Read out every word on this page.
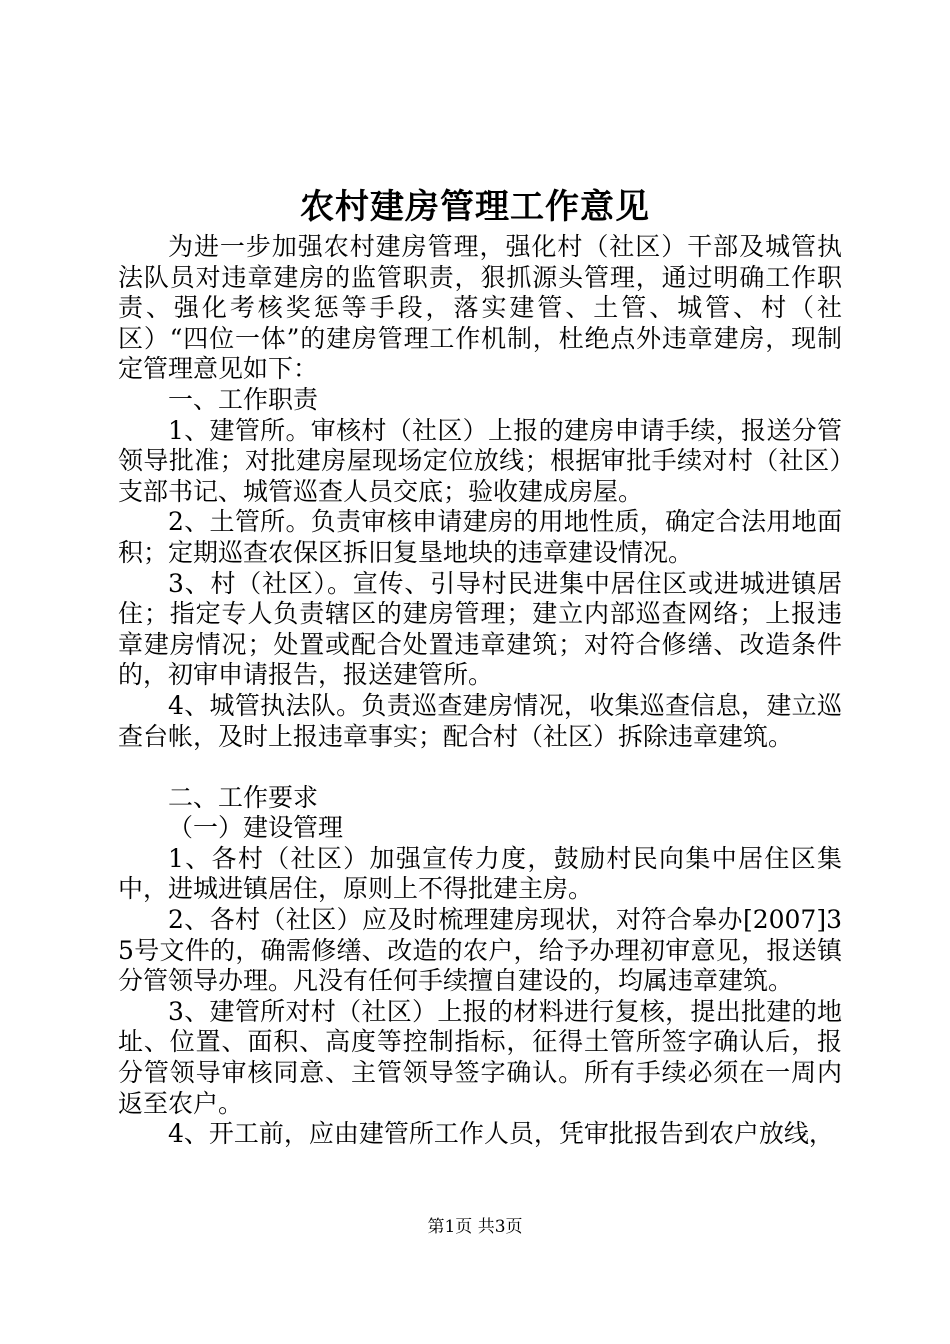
农村建房管理工作意见

为进一步加强农村建房管理，强化村（社区）干部及城管执法队员对违章建房的监管职责，狠抓源头管理，通过明确工作职责、强化考核奖惩等手段，落实建管、土管、城管、村（社区）“四位一体”的建房管理工作机制，杜绝点外违章建房，现制定管理意见如下：

一、工作职责

1、建管所。审核村（社区）上报的建房申请手续，报送分管领导批准；对批建房屋现场定位放线；根据审批手续对村（社区）支部书记、城管巡查人员交底；验收建成房屋。

2、土管所。负责审核申请建房的用地性质，确定合法用地面积；定期巡查农保区拆旧复垦地块的违章建设情况。

3、村（社区）。宣传、引导村民进集中居住区或进城进镇居住；指定专人负责辖区的建房管理；建立内部巡查网络；上报违章建房情况；处置或配合处置违章建筑；对符合修缮、改造条件的，初审申请报告，报送建管所。

4、城管执法队。负责巡查建房情况，收集巡查信息，建立巡查台帐，及时上报违章事实；配合村（社区）拆除违章建筑。

二、工作要求

（一）建设管理

1、各村（社区）加强宣传力度，鼓励村民向集中居住区集中，进城进镇居住，原则上不得批建主房。

2、各村（社区）应及时梳理建房现状，对符合皋办[2007]35号文件的，确需修缮、改造的农户，给予办理初审意见，报送镇分管领导办理。凡没有任何手续擅自建设的，均属违章建筑。

3、建管所对村（社区）上报的材料进行复核，提出批建的地址、位置、面积、高度等控制指标，征得土管所签字确认后，报分管领导审核同意、主管领导签字确认。所有手续必须在一周内返至农户。

4、开工前，应由建管所工作人员，凭审批报告到农户放线，

第1页 共3页
